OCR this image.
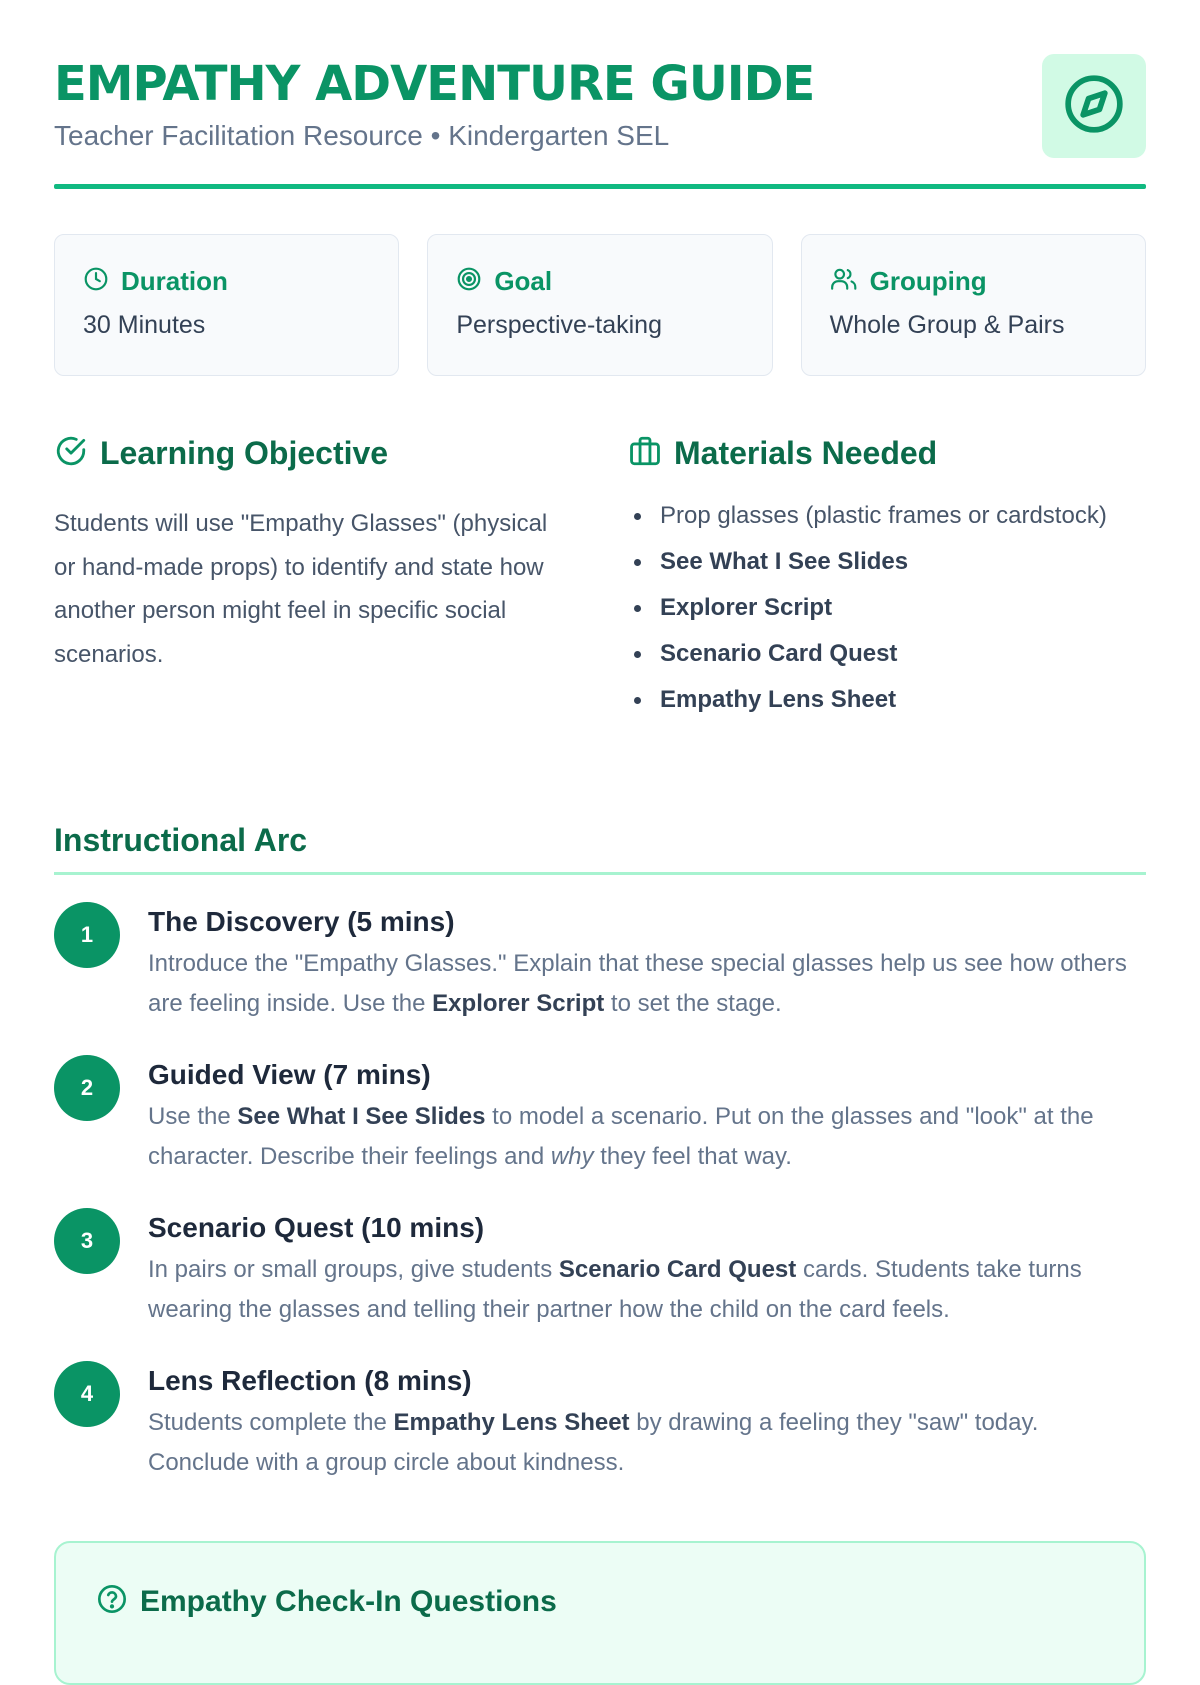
EMPATHY ADVENTURE GUIDE
Teacher Facilitation Resource • Kindergarten SEL
Duration
30 Minutes
Goal
Perspective-taking
Grouping
Whole Group & Pairs
Learning Objective
Students will use "Empathy Glasses" (physical or hand-made props) to identify and state how another person might feel in specific social scenarios.
Materials Needed
Prop glasses (plastic frames or cardstock)
See What I See Slides
Explorer Script
Scenario Card Quest
Empathy Lens Sheet
Instructional Arc
1	The Discovery (5 mins)
Introduce the "Empathy Glasses." Explain that these special glasses help us see how others are feeling inside. Use the Explorer Script to set the stage.
2	Guided View (7 mins)
Use the See What I See Slides to model a scenario. Put on the glasses and "look" at the character. Describe their feelings and why they feel that way.
3	Scenario Quest (10 mins)
In pairs or small groups, give students Scenario Card Quest cards. Students take turns wearing the glasses and telling their partner how the child on the card feels.
4	Lens Reflection (8 mins)
Students complete the Empathy Lens Sheet by drawing a feeling they "saw" today. Conclude with a group circle about kindness.
Empathy Check-In Questions
